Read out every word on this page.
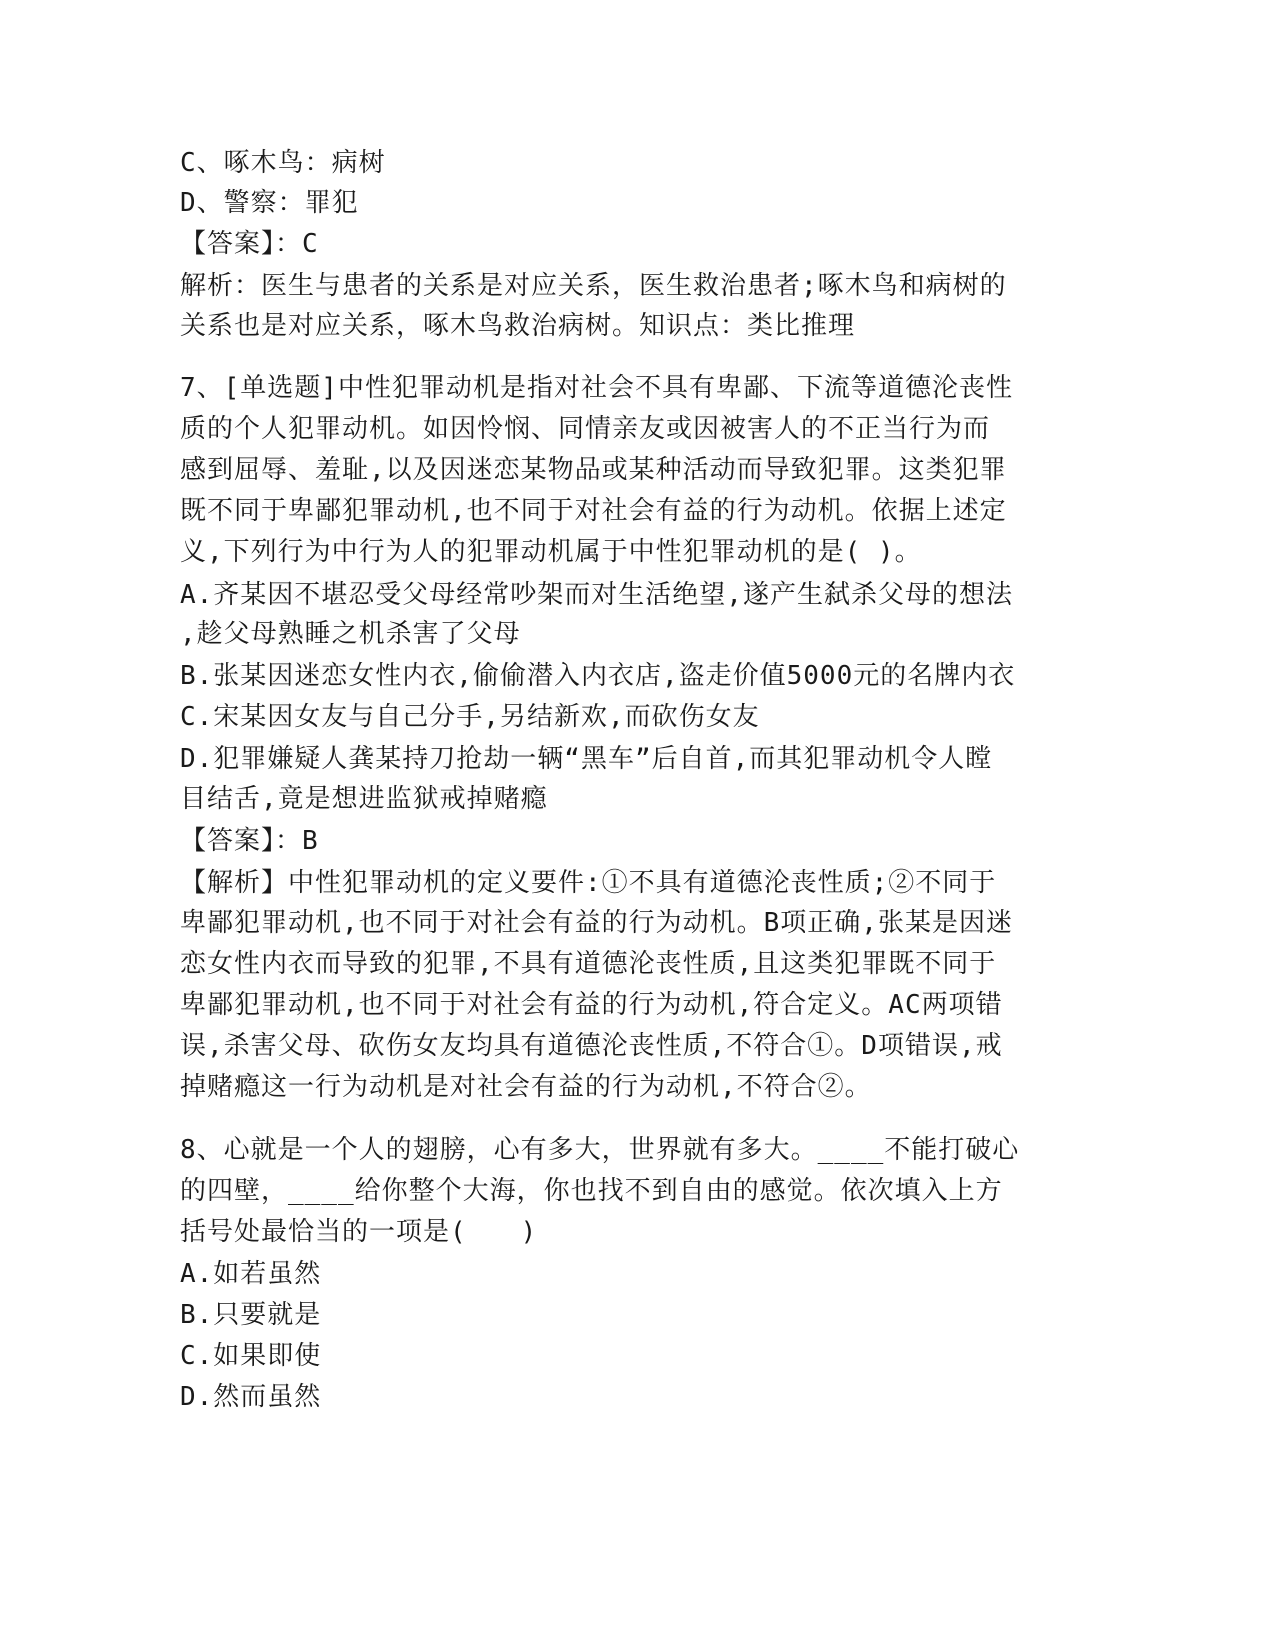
C、啄木鸟：病树
D、警察：罪犯
【答案】：C
解析：医生与患者的关系是对应关系，医生救治患者;啄木鸟和病树的
关系也是对应关系，啄木鸟救治病树。知识点：类比推理
7、[单选题]中性犯罪动机是指对社会不具有卑鄙、下流等道德沦丧性
质的个人犯罪动机。如因怜悯、同情亲友或因被害人的不正当行为而
感到屈辱、羞耻,以及因迷恋某物品或某种活动而导致犯罪。这类犯罪
既不同于卑鄙犯罪动机,也不同于对社会有益的行为动机。依据上述定
义,下列行为中行为人的犯罪动机属于中性犯罪动机的是( )。
A.齐某因不堪忍受父母经常吵架而对生活绝望,遂产生弑杀父母的想法
,趁父母熟睡之机杀害了父母
B.张某因迷恋女性内衣,偷偷潜入内衣店,盗走价值5000元的名牌内衣
C.宋某因女友与自己分手,另结新欢,而砍伤女友
D.犯罪嫌疑人龚某持刀抢劫一辆“黑车”后自首,而其犯罪动机令人瞠
目结舌,竟是想进监狱戒掉赌瘾
【答案】：B
【解析】中性犯罪动机的定义要件:①不具有道德沦丧性质;②不同于
卑鄙犯罪动机,也不同于对社会有益的行为动机。B项正确,张某是因迷
恋女性内衣而导致的犯罪,不具有道德沦丧性质,且这类犯罪既不同于
卑鄙犯罪动机,也不同于对社会有益的行为动机,符合定义。AC两项错
误,杀害父母、砍伤女友均具有道德沦丧性质,不符合①。D项错误,戒
掉赌瘾这一行为动机是对社会有益的行为动机,不符合②。
8、心就是一个人的翅膀，心有多大，世界就有多大。____不能打破心
的四壁，____给你整个大海，你也找不到自由的感觉。依次填入上方
括号处最恰当的一项是(　　)
A.如若虽然
B.只要就是
C.如果即使
D.然而虽然
